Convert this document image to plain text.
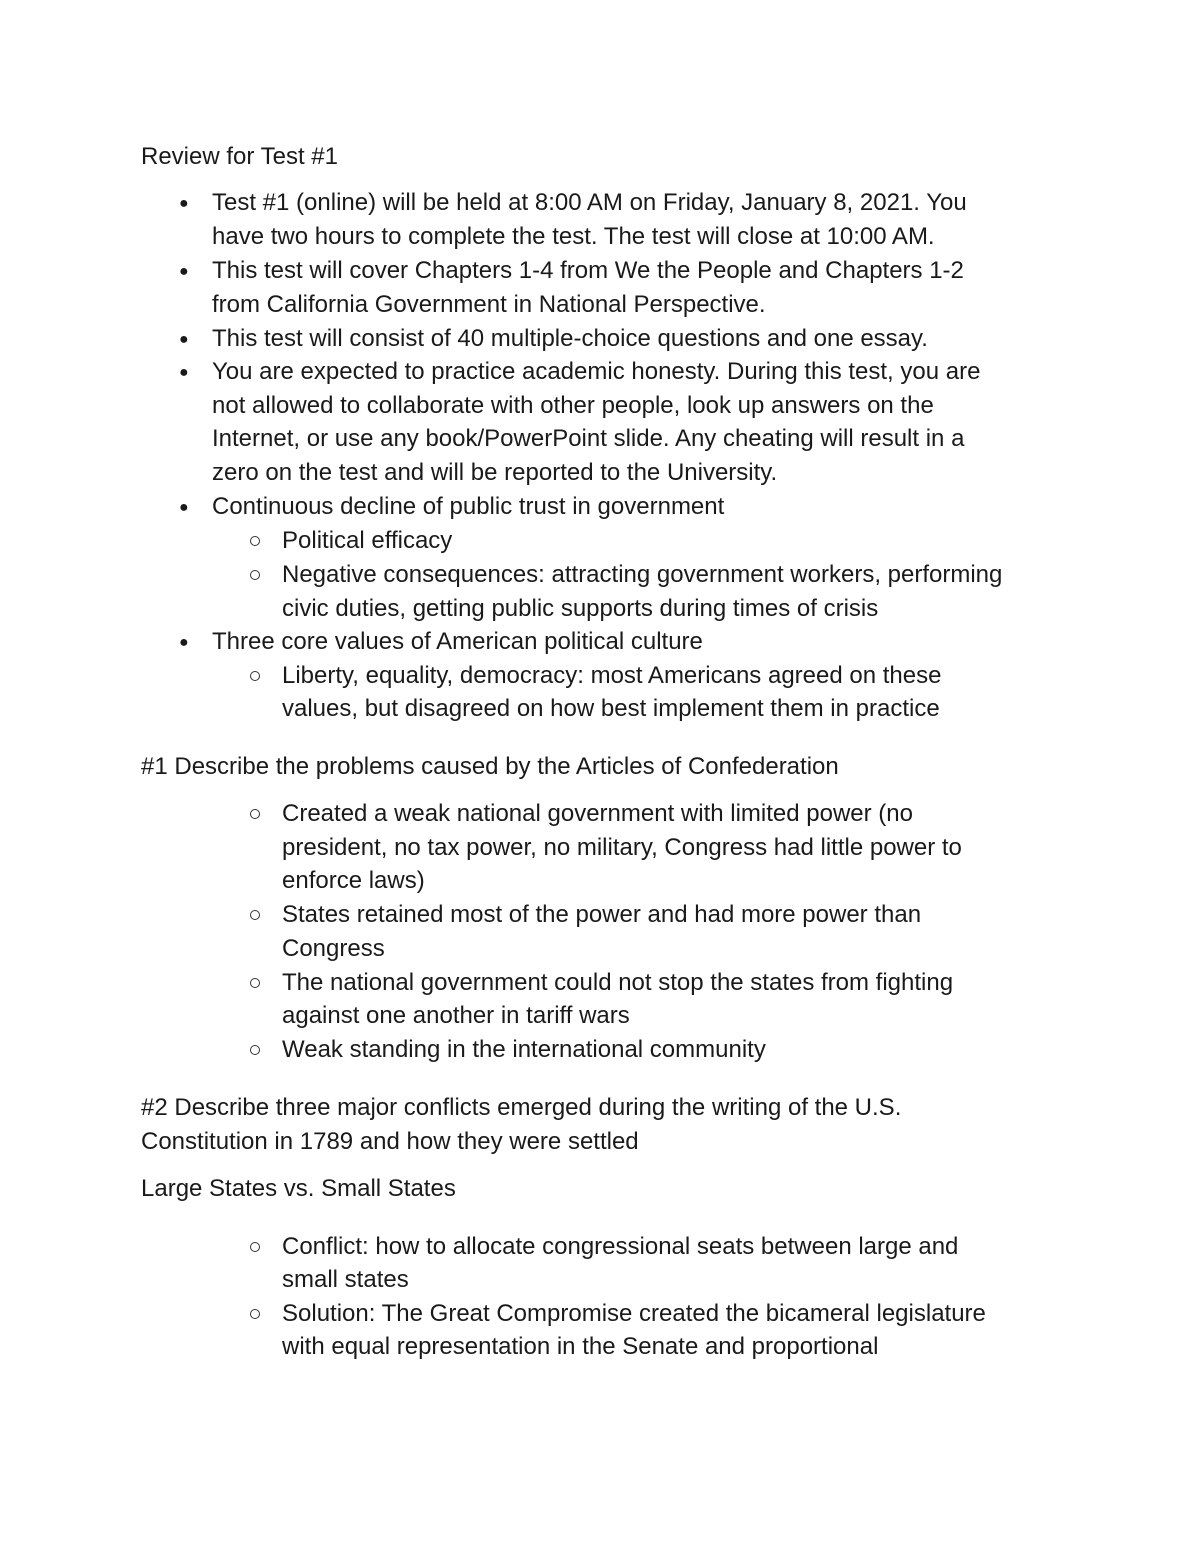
Review for Test #1
● Test #1 (online) will be held at 8:00 AM on Friday, January 8, 2021. You
have two hours to complete the test. The test will close at 10:00 AM.
● This test will cover Chapters 1-4 from We the People and Chapters 1-2
from California Government in National Perspective.
● This test will consist of 40 multiple-choice questions and one essay.
● You are expected to practice academic honesty. During this test, you are
not allowed to collaborate with other people, look up answers on the
Internet, or use any book/PowerPoint slide. Any cheating will result in a
zero on the test and will be reported to the University.
● Continuous decline of public trust in government
Political efficacy
Negative consequences: attracting government workers, performing
civic duties, getting public supports during times of crisis
● Three core values of American political culture
Liberty, equality, democracy: most Americans agreed on these
values, but disagreed on how best implement them in practice
#1 Describe the problems caused by the Articles of Confederation
Created a weak national government with limited power (no
president, no tax power, no military, Congress had little power to
enforce laws)
States retained most of the power and had more power than
Congress
The national government could not stop the states from fighting
against one another in tariff wars
Weak standing in the international community
#2 Describe three major conflicts emerged during the writing of the U.S.
Constitution in 1789 and how they were settled
Large States vs. Small States
Conflict: how to allocate congressional seats between large and
small states
Solution: The Great Compromise created the bicameral legislature
with equal representation in the Senate and proportional
